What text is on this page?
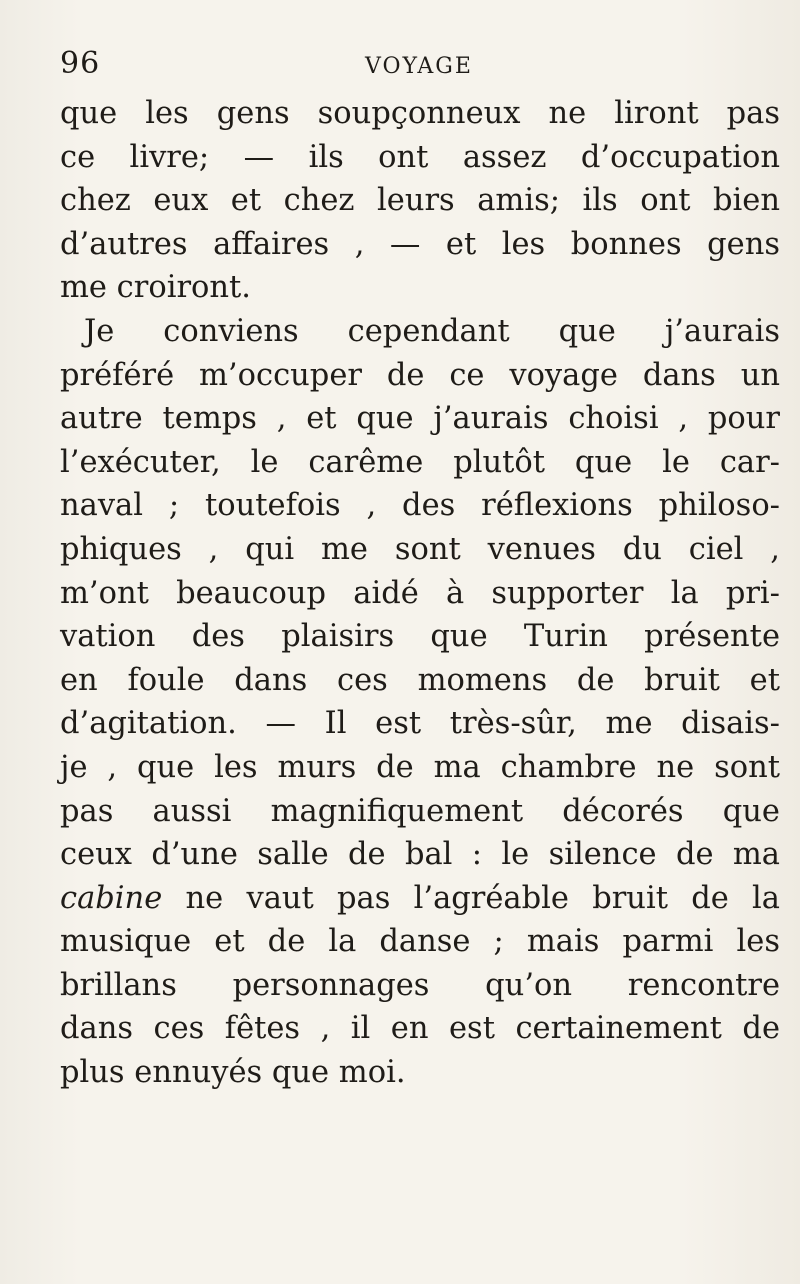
96	VOYAGE
que les gens soupçonneux ne liront pas
ce livre; — ils ont assez d’occupation
chez eux et chez leurs amis; ils ont bien
d’autres affaires , — et les bonnes gens
me croiront.
Je conviens cependant que j’aurais
préféré m’occuper de ce voyage dans un
autre temps , et que j’aurais choisi , pour
l’exécuter, le carême plutôt que le car-
naval ; toutefois , des réflexions philoso-
phiques , qui me sont venues du ciel ,
m’ont beaucoup aidé à supporter la pri-
vation des plaisirs que Turin présente
en foule dans ces momens de bruit et
d’agitation. — Il est très-sûr, me disais-
je , que les murs de ma chambre ne sont
pas aussi magnifiquement décorés que
ceux d’une salle de bal : le silence de ma
cabine ne vaut pas l’agréable bruit de la
musique et de la danse ; mais parmi les
brillans personnages qu’on rencontre
dans ces fêtes , il en est certainement de
plus ennuyés que moi.
